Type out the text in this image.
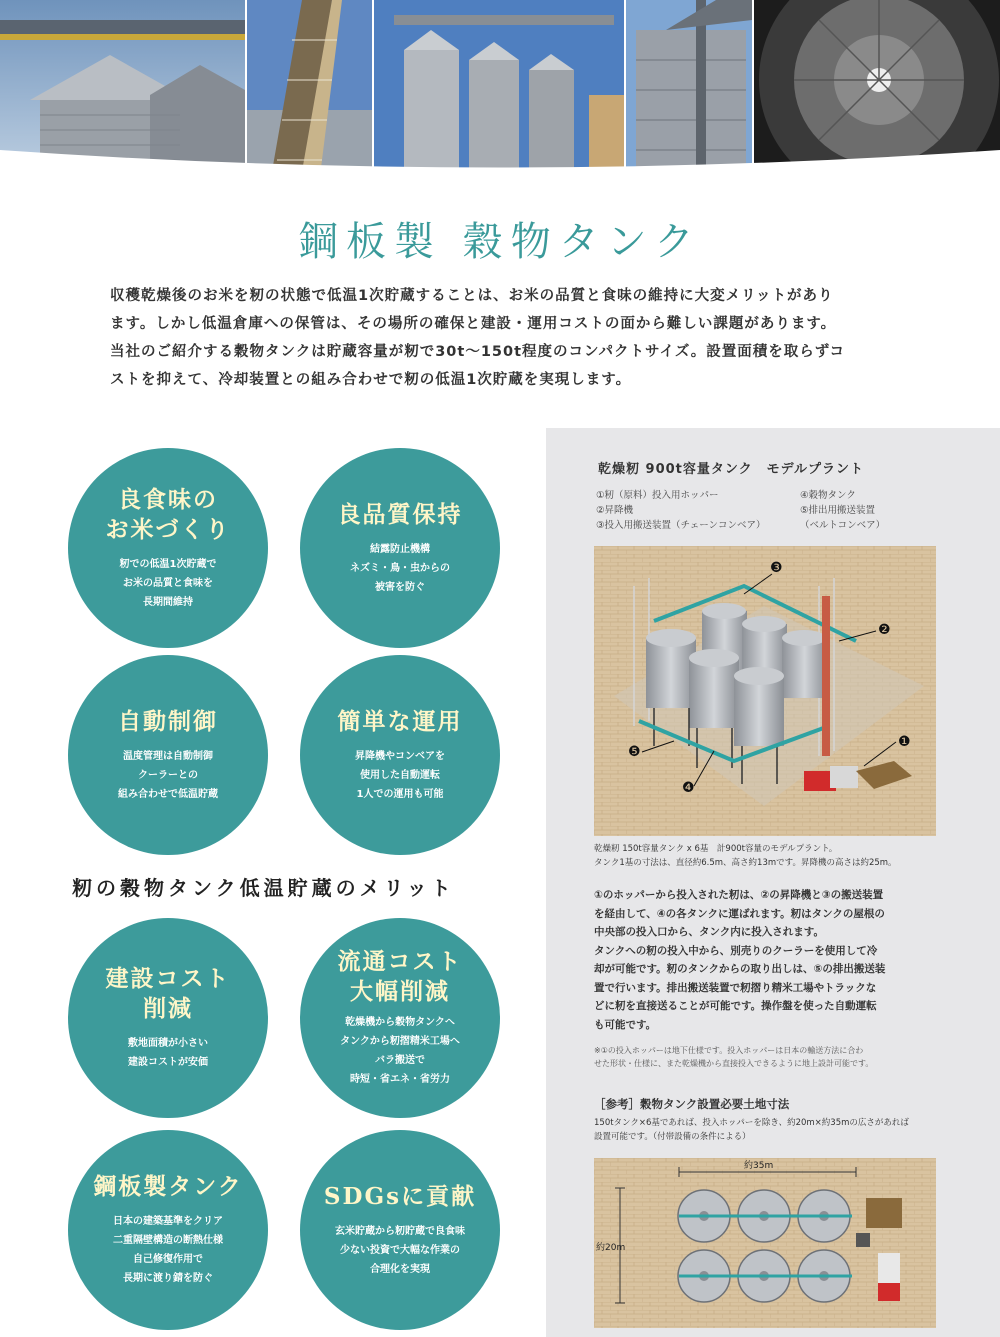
鋼板製 穀物タンク
収穫乾燥後のお米を籾の状態で低温1次貯蔵することは、お米の品質と食味の維持に大変メリットがあり
ます。しかし低温倉庫への保管は、その場所の確保と建設・運用コストの面から難しい課題があります。
当社のご紹介する穀物タンクは貯蔵容量が籾で30t～150t程度のコンパクトサイズ。設置面積を取らずコ
ストを抑えて、冷却装置との組み合わせで籾の低温1次貯蔵を実現します。
良食味の
お米づくり
籾での低温1次貯蔵で
お米の品質と食味を
長期間維持
良品質保持
結露防止機構
ネズミ・鳥・虫からの
被害を防ぐ
自動制御
温度管理は自動制御
クーラーとの
組み合わせで低温貯蔵
簡単な運用
昇降機やコンベアを
使用した自動運転
1人での運用も可能
籾の穀物タンク低温貯蔵のメリット
建設コスト
削減
敷地面積が小さい
建設コストが安価
流通コスト
大幅削減
乾燥機から穀物タンクへ
タンクから籾摺精米工場へ
バラ搬送で
時短・省エネ・省労力
鋼板製タンク
日本の建築基準をクリア
二重隔壁構造の断熱仕様
自己修復作用で
長期に渡り錆を防ぐ
SDGsに貢献
玄米貯蔵から籾貯蔵で良食味
少ない投資で大幅な作業の
合理化を実現
乾燥籾 900t容量タンク　モデルプラント
①籾（原料）投入用ホッパー
②昇降機
③投入用搬送装置（チェーンコンベア）
④穀物タンク
⑤排出用搬送装置
（ベルトコンベア）
❸
❷
❶
❺
❹
乾燥籾 150t容量タンク x 6基　計900t容量のモデルプラント。
タンク1基の寸法は、直径約6.5m、高さ約13mです。昇降機の高さは約25m。
①のホッパーから投入された籾は、②の昇降機と③の搬送装置
を経由して、④の各タンクに運ばれます。籾はタンクの屋根の
中央部の投入口から、タンク内に投入されます。
タンクへの籾の投入中から、別売りのクーラーを使用して冷
却が可能です。籾のタンクからの取り出しは、⑤の排出搬送装
置で行います。排出搬送装置で籾摺り精米工場やトラックな
どに籾を直接送ることが可能です。操作盤を使った自動運転
も可能です。
※①の投入ホッパーは地下仕様です。投入ホッパーは日本の輸送方法に合わ
せた形状・仕様に、また乾燥機から直接投入できるように地上設計可能です。
［参考］穀物タンク設置必要土地寸法
150tタンク×6基であれば、投入ホッパーを除き、約20m×約35mの広さがあれば
設置可能です。（付帯設備の条件による）
約35m
約20m
